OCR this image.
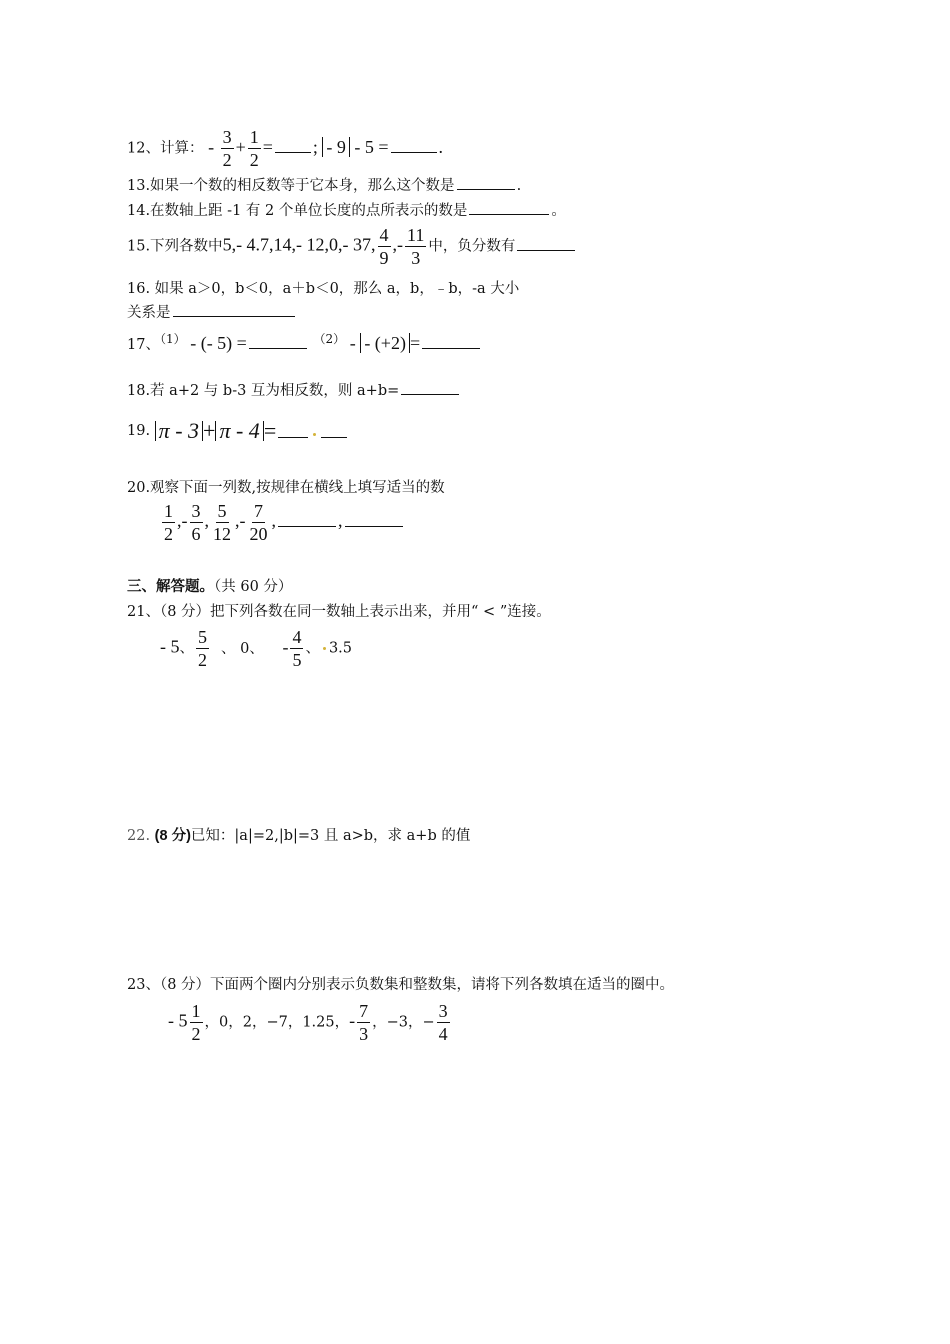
12、计算： - $\frac{3}{2} + \frac{1}{2}$ = ; - 9 - 5 =	.
13.如果一个数的相反数等于它本身，那么这个数是	.
14.在数轴上距 -1 有 2 个单位长度的点所表示的数是	。
15.下列各数中5,- 4.7,14,- 12,0,- 37, $\frac{4}{9}$ ,- $\frac{11}{3}$ 中，负分数有
16. 如果 a＞0，b＜0，a＋b＜0，那么 a，b，﹣b，-a 大小
关系是
17、$^{(1)}$ - (- 5) =	$^{(2)}$ - - (+2) =
18.若 a+2 与 b-3 互为相反数，则 a+b=
19. π - 3 + π - 4 =
20.观察下面一列数,按规律在横线上填写适当的数
$\frac{1}{2}$ ,- $\frac{3}{6}$ , $\frac{5}{12}$ ,- $\frac{7}{20}$ ,	,
三、解答题。（共 60 分）
21、（8 分）把下列各数在同一数轴上表示出来，并用“ < ”连接。
- 5、 $\frac{5}{2}$ 、 0、 - $\frac{4}{5}$ 、 3.5
22. (8 分)已知：|a|=2,|b|=3 且 a>b，求 a+b 的值
23、（8 分）下面两个圈内分别表示负数集和整数集，请将下列各数填在适当的圈中。
- $5 \frac{1}{2}$ ，0，2，−7，1.25，- $\frac{7}{3}$ ，−3，− $\frac{3}{4}$
